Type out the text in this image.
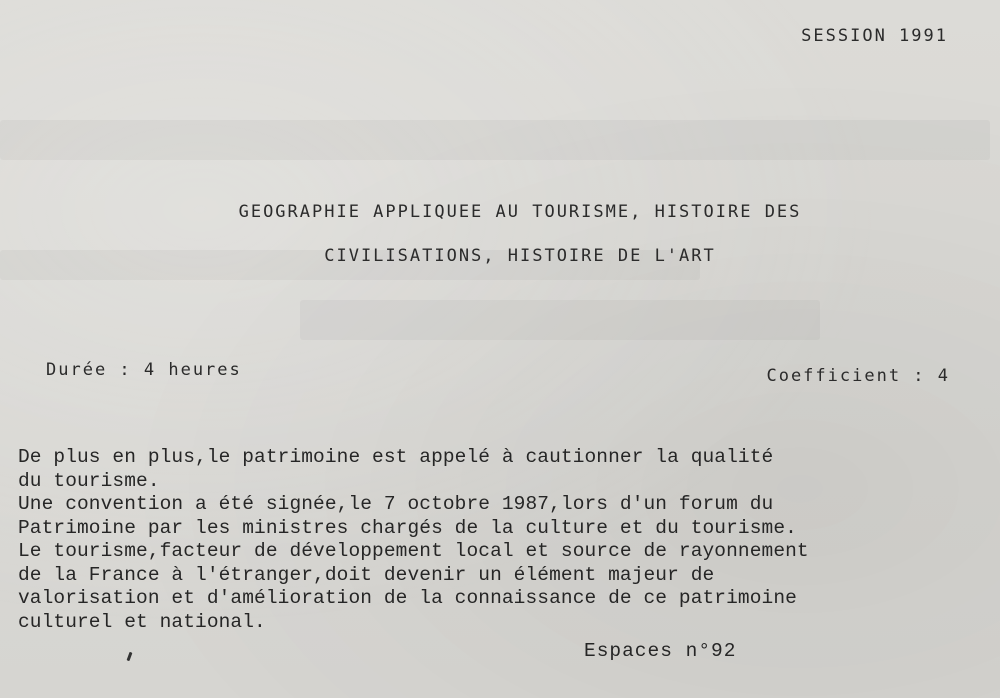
SESSION 1991
GEOGRAPHIE APPLIQUEE AU TOURISME, HISTOIRE DES
CIVILISATIONS, HISTOIRE DE L'ART
Durée : 4 heures	Coefficient : 4
De plus en plus,le patrimoine est appelé à cautionner la qualité
du tourisme.
Une convention a été signée,le 7 octobre 1987,lors d'un forum du
Patrimoine par les ministres chargés de la culture et du tourisme.
Le tourisme,facteur de développement local et source de rayonnement
de la France à l'étranger,doit devenir un élément majeur de
valorisation et d'amélioration de la connaissance de ce patrimoine
culturel et national.
Espaces n°92
